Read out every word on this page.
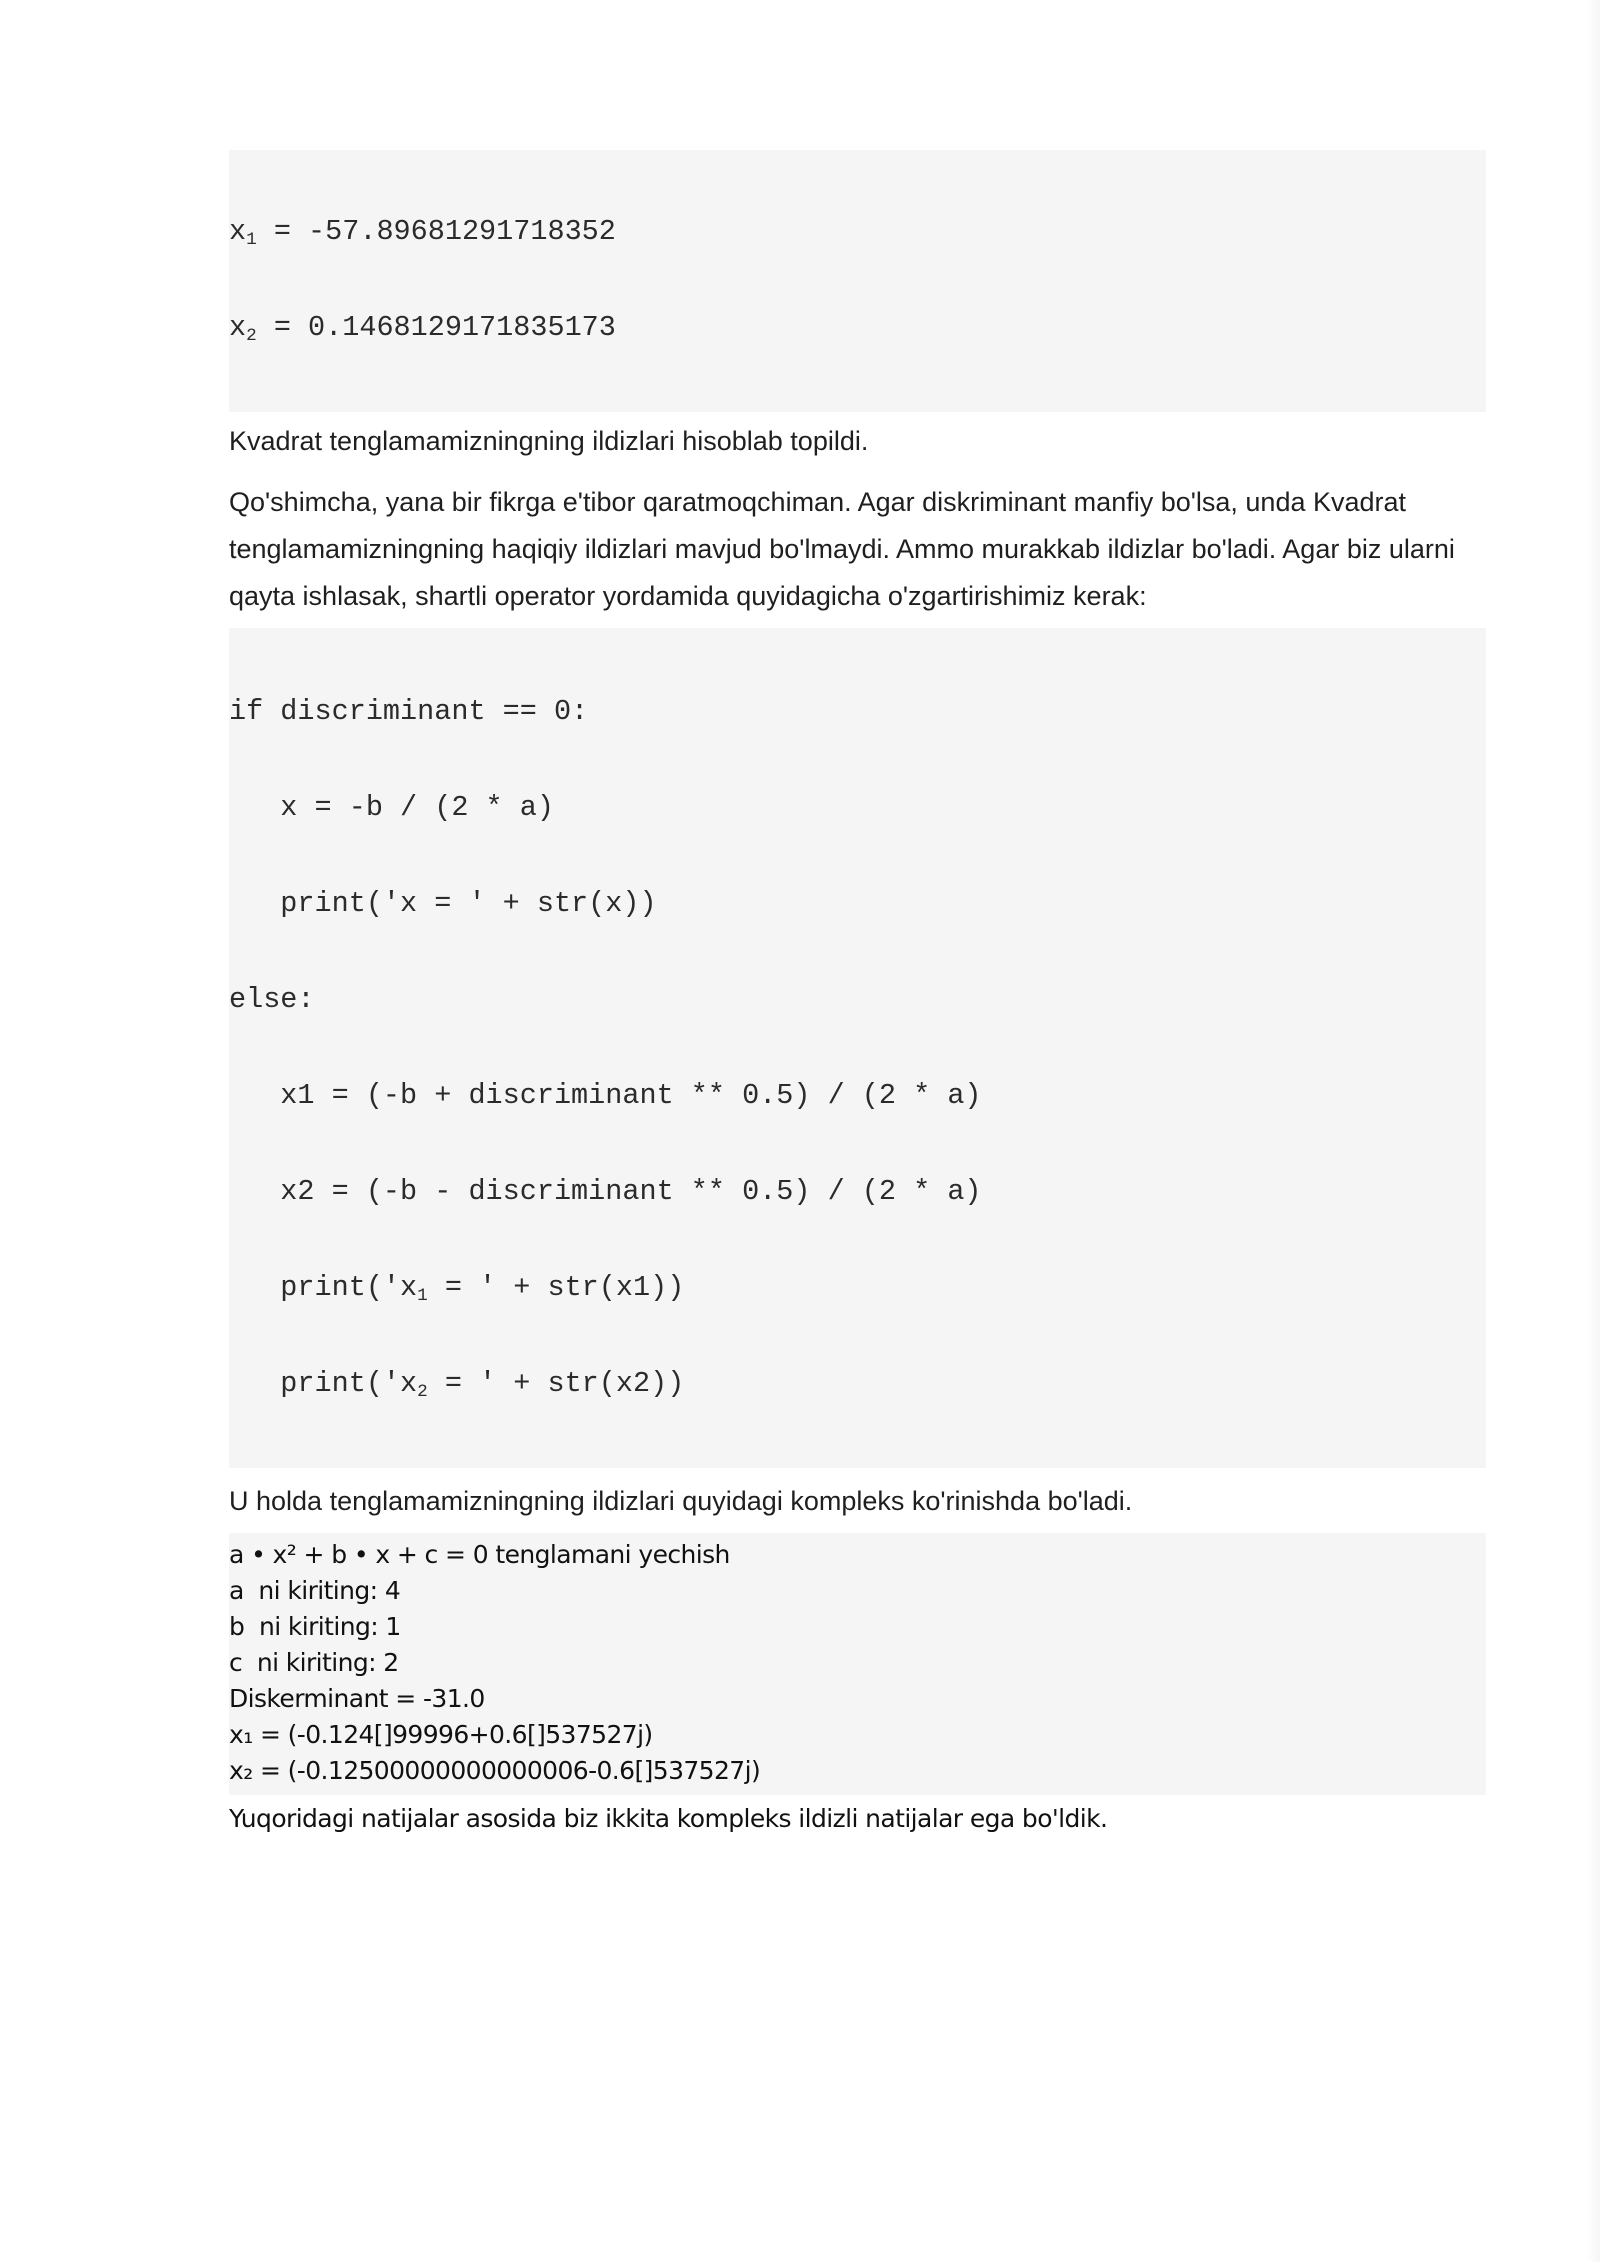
$x_1 = -57.89681291718352$

$x_2 = 0.1468129171835173$

Kvadrat tenglamamizningning ildizlari hisoblab topildi.

Qo'shimcha, yana bir fikrga e'tibor qaratmoqchiman. Agar diskriminant manfiy bo'lsa, unda Kvadrat tenglamamizningning haqiqiy ildizlari mavjud bo'lmaydi. Ammo murakkab ildizlar bo'ladi. Agar biz ularni qayta ishlasak, shartli operator yordamida quyidagicha o'zgartirishimiz kerak:

if discriminant == 0:

x = -b / (2 * a)

print('x = ' + str(x))

else:

x1 = (-b + discriminant ** 0.5) / (2 * a)

x2 = (-b - discriminant ** 0.5) / (2 * a)

$print('x_1$ = ' + str(x1))

$print('x_2$ = ' + str(x2))

U holda tenglamamizningning ildizlari quyidagi kompleks ko'rinishda bo'ladi.

a • x² + b • x + c = 0 tenglamani yechish
a  ni kiriting: 4
b  ni kiriting: 1
c  ni kiriting: 2
Diskerminant = -31.0
x₁ = (-0.124[]99996+0.6[]537527j)
x₂ = (-0.12500000000000006-0.6[]537527j)

Yuqoridagi natijalar asosida biz ikkita kompleks ildizli natijalar ega bo'ldik.
